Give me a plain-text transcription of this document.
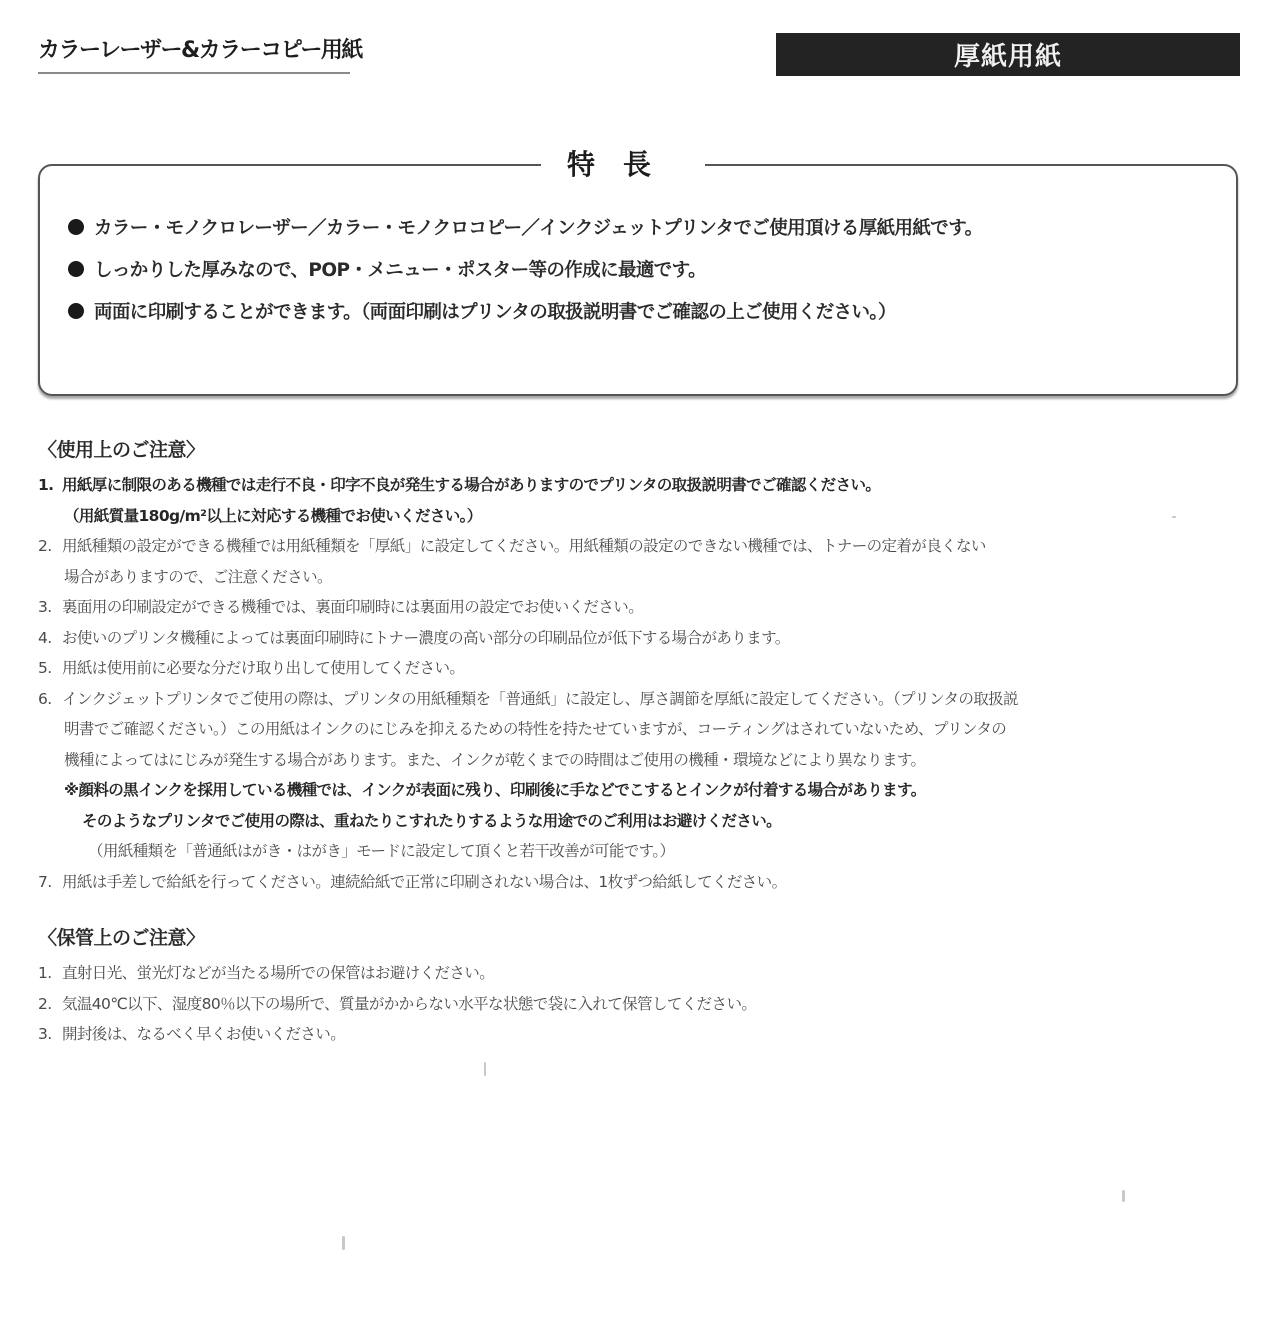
カラーレーザー&カラーコピー用紙	厚紙用紙
特長
カラー・モノクロレーザー／カラー・モノクロコピー／インクジェットプリンタでご使用頂ける厚紙用紙です。
しっかりした厚みなので、POP・メニュー・ポスター等の作成に最適です。
両面に印刷することができます。（両面印刷はプリンタの取扱説明書でご確認の上ご使用ください。）
〈使用上のご注意〉
1. 用紙厚に制限のある機種では走行不良・印字不良が発生する場合がありますのでプリンタの取扱説明書でご確認ください。
（用紙質量180g/m²以上に対応する機種でお使いください。）
2. 用紙種類の設定ができる機種では用紙種類を「厚紙」に設定してください。用紙種類の設定のできない機種では、トナーの定着が良くない
場合がありますので、ご注意ください。
3. 裏面用の印刷設定ができる機種では、裏面印刷時には裏面用の設定でお使いください。
4. お使いのプリンタ機種によっては裏面印刷時にトナー濃度の高い部分の印刷品位が低下する場合があります。
5. 用紙は使用前に必要な分だけ取り出して使用してください。
6. インクジェットプリンタでご使用の際は、プリンタの用紙種類を「普通紙」に設定し、厚さ調節を厚紙に設定してください。（プリンタの取扱説
明書でご確認ください。）この用紙はインクのにじみを抑えるための特性を持たせていますが、コーティングはされていないため、プリンタの
機種によってはにじみが発生する場合があります。また、インクが乾くまでの時間はご使用の機種・環境などにより異なります。
※顔料の黒インクを採用している機種では、インクが表面に残り、印刷後に手などでこするとインクが付着する場合があります。
そのようなプリンタでご使用の際は、重ねたりこすれたりするような用途でのご利用はお避けください。
（用紙種類を「普通紙はがき・はがき」モードに設定して頂くと若干改善が可能です。）
7. 用紙は手差しで給紙を行ってください。連続給紙で正常に印刷されない場合は、1枚ずつ給紙してください。
〈保管上のご注意〉
1. 直射日光、蛍光灯などが当たる場所での保管はお避けください。
2. 気温40℃以下、湿度80％以下の場所で、質量がかからない水平な状態で袋に入れて保管してください。
3. 開封後は、なるべく早くお使いください。
